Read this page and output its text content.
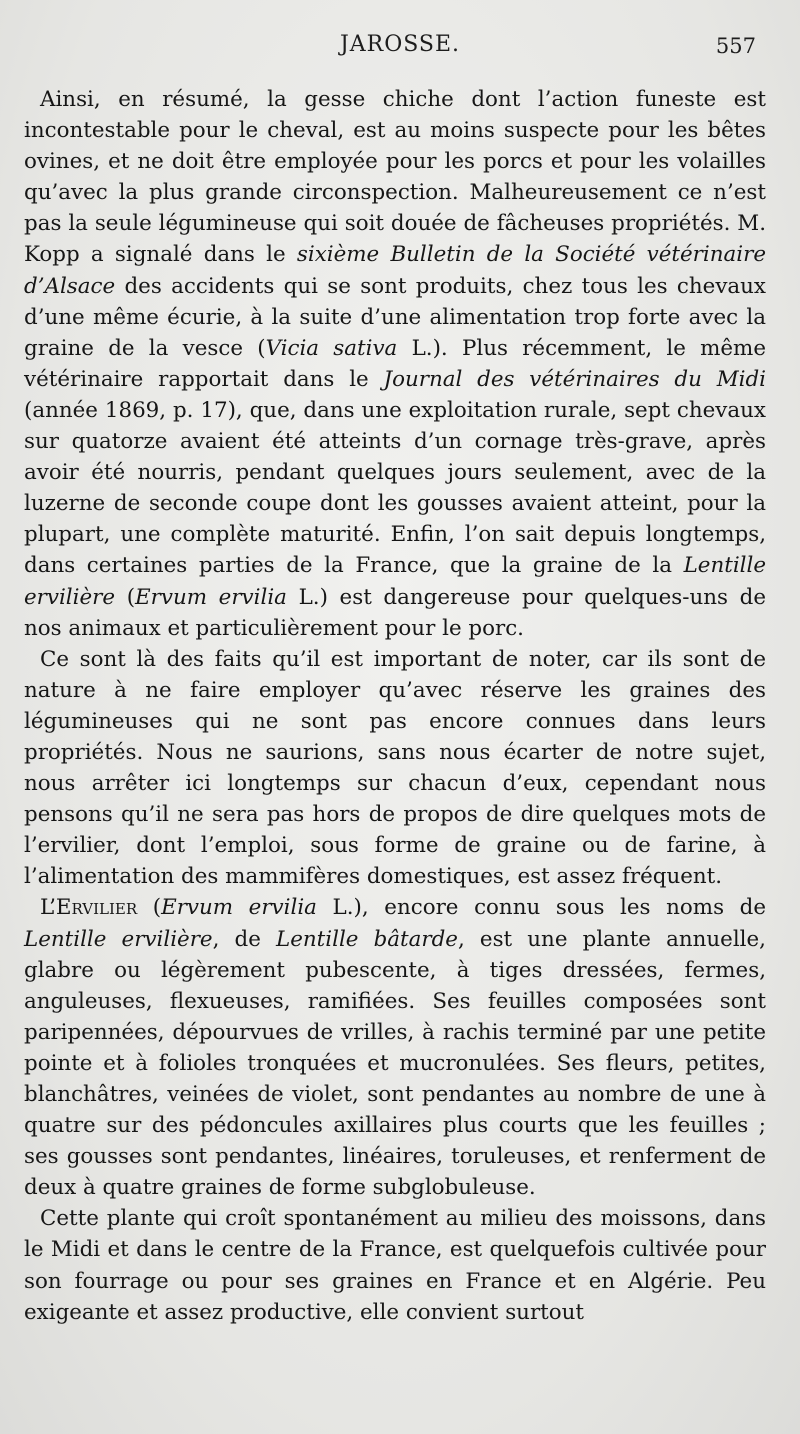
JAROSSE.	557

Ainsi, en résumé, la gesse chiche dont l’action funeste est incontestable pour le cheval, est au moins suspecte pour les bêtes ovines, et ne doit être employée pour les porcs et pour les volailles qu’avec la plus grande circonspection. Malheureusement ce n’est pas la seule légumineuse qui soit douée de fâcheuses propriétés. M. Kopp a signalé dans le sixième Bulletin de la Société vétérinaire d’Alsace des accidents qui se sont produits, chez tous les chevaux d’une même écurie, à la suite d’une alimentation trop forte avec la graine de la vesce (Vicia sativa L.). Plus récemment, le même vétérinaire rapportait dans le Journal des vétérinaires du Midi (année 1869, p. 17), que, dans une exploitation rurale, sept chevaux sur quatorze avaient été atteints d’un cornage très-grave, après avoir été nourris, pendant quelques jours seulement, avec de la luzerne de seconde coupe dont les gousses avaient atteint, pour la plupart, une complète maturité. Enfin, l’on sait depuis longtemps, dans certaines parties de la France, que la graine de la Lentille ervilière (Ervum ervilia L.) est dangereuse pour quelques-uns de nos animaux et particulièrement pour le porc.

Ce sont là des faits qu’il est important de noter, car ils sont de nature à ne faire employer qu’avec réserve les graines des légumineuses qui ne sont pas encore connues dans leurs propriétés. Nous ne saurions, sans nous écarter de notre sujet, nous arrêter ici longtemps sur chacun d’eux, cependant nous pensons qu’il ne sera pas hors de propos de dire quelques mots de l’ervilier, dont l’emploi, sous forme de graine ou de farine, à l’alimentation des mammifères domestiques, est assez fréquent.

L’Ervilier (Ervum ervilia L.), encore connu sous les noms de Lentille ervilière, de Lentille bâtarde, est une plante annuelle, glabre ou légèrement pubescente, à tiges dressées, fermes, anguleuses, flexueuses, ramifiées. Ses feuilles composées sont paripennées, dépourvues de vrilles, à rachis terminé par une petite pointe et à folioles tronquées et mucronulées. Ses fleurs, petites, blanchâtres, veinées de violet, sont pendantes au nombre de une à quatre sur des pédoncules axillaires plus courts que les feuilles ; ses gousses sont pendantes, linéaires, toruleuses, et renferment de deux à quatre graines de forme subglobuleuse.

Cette plante qui croît spontanément au milieu des moissons, dans le Midi et dans le centre de la France, est quelquefois cultivée pour son fourrage ou pour ses graines en France et en Algérie. Peu exigeante et assez productive, elle convient surtout
